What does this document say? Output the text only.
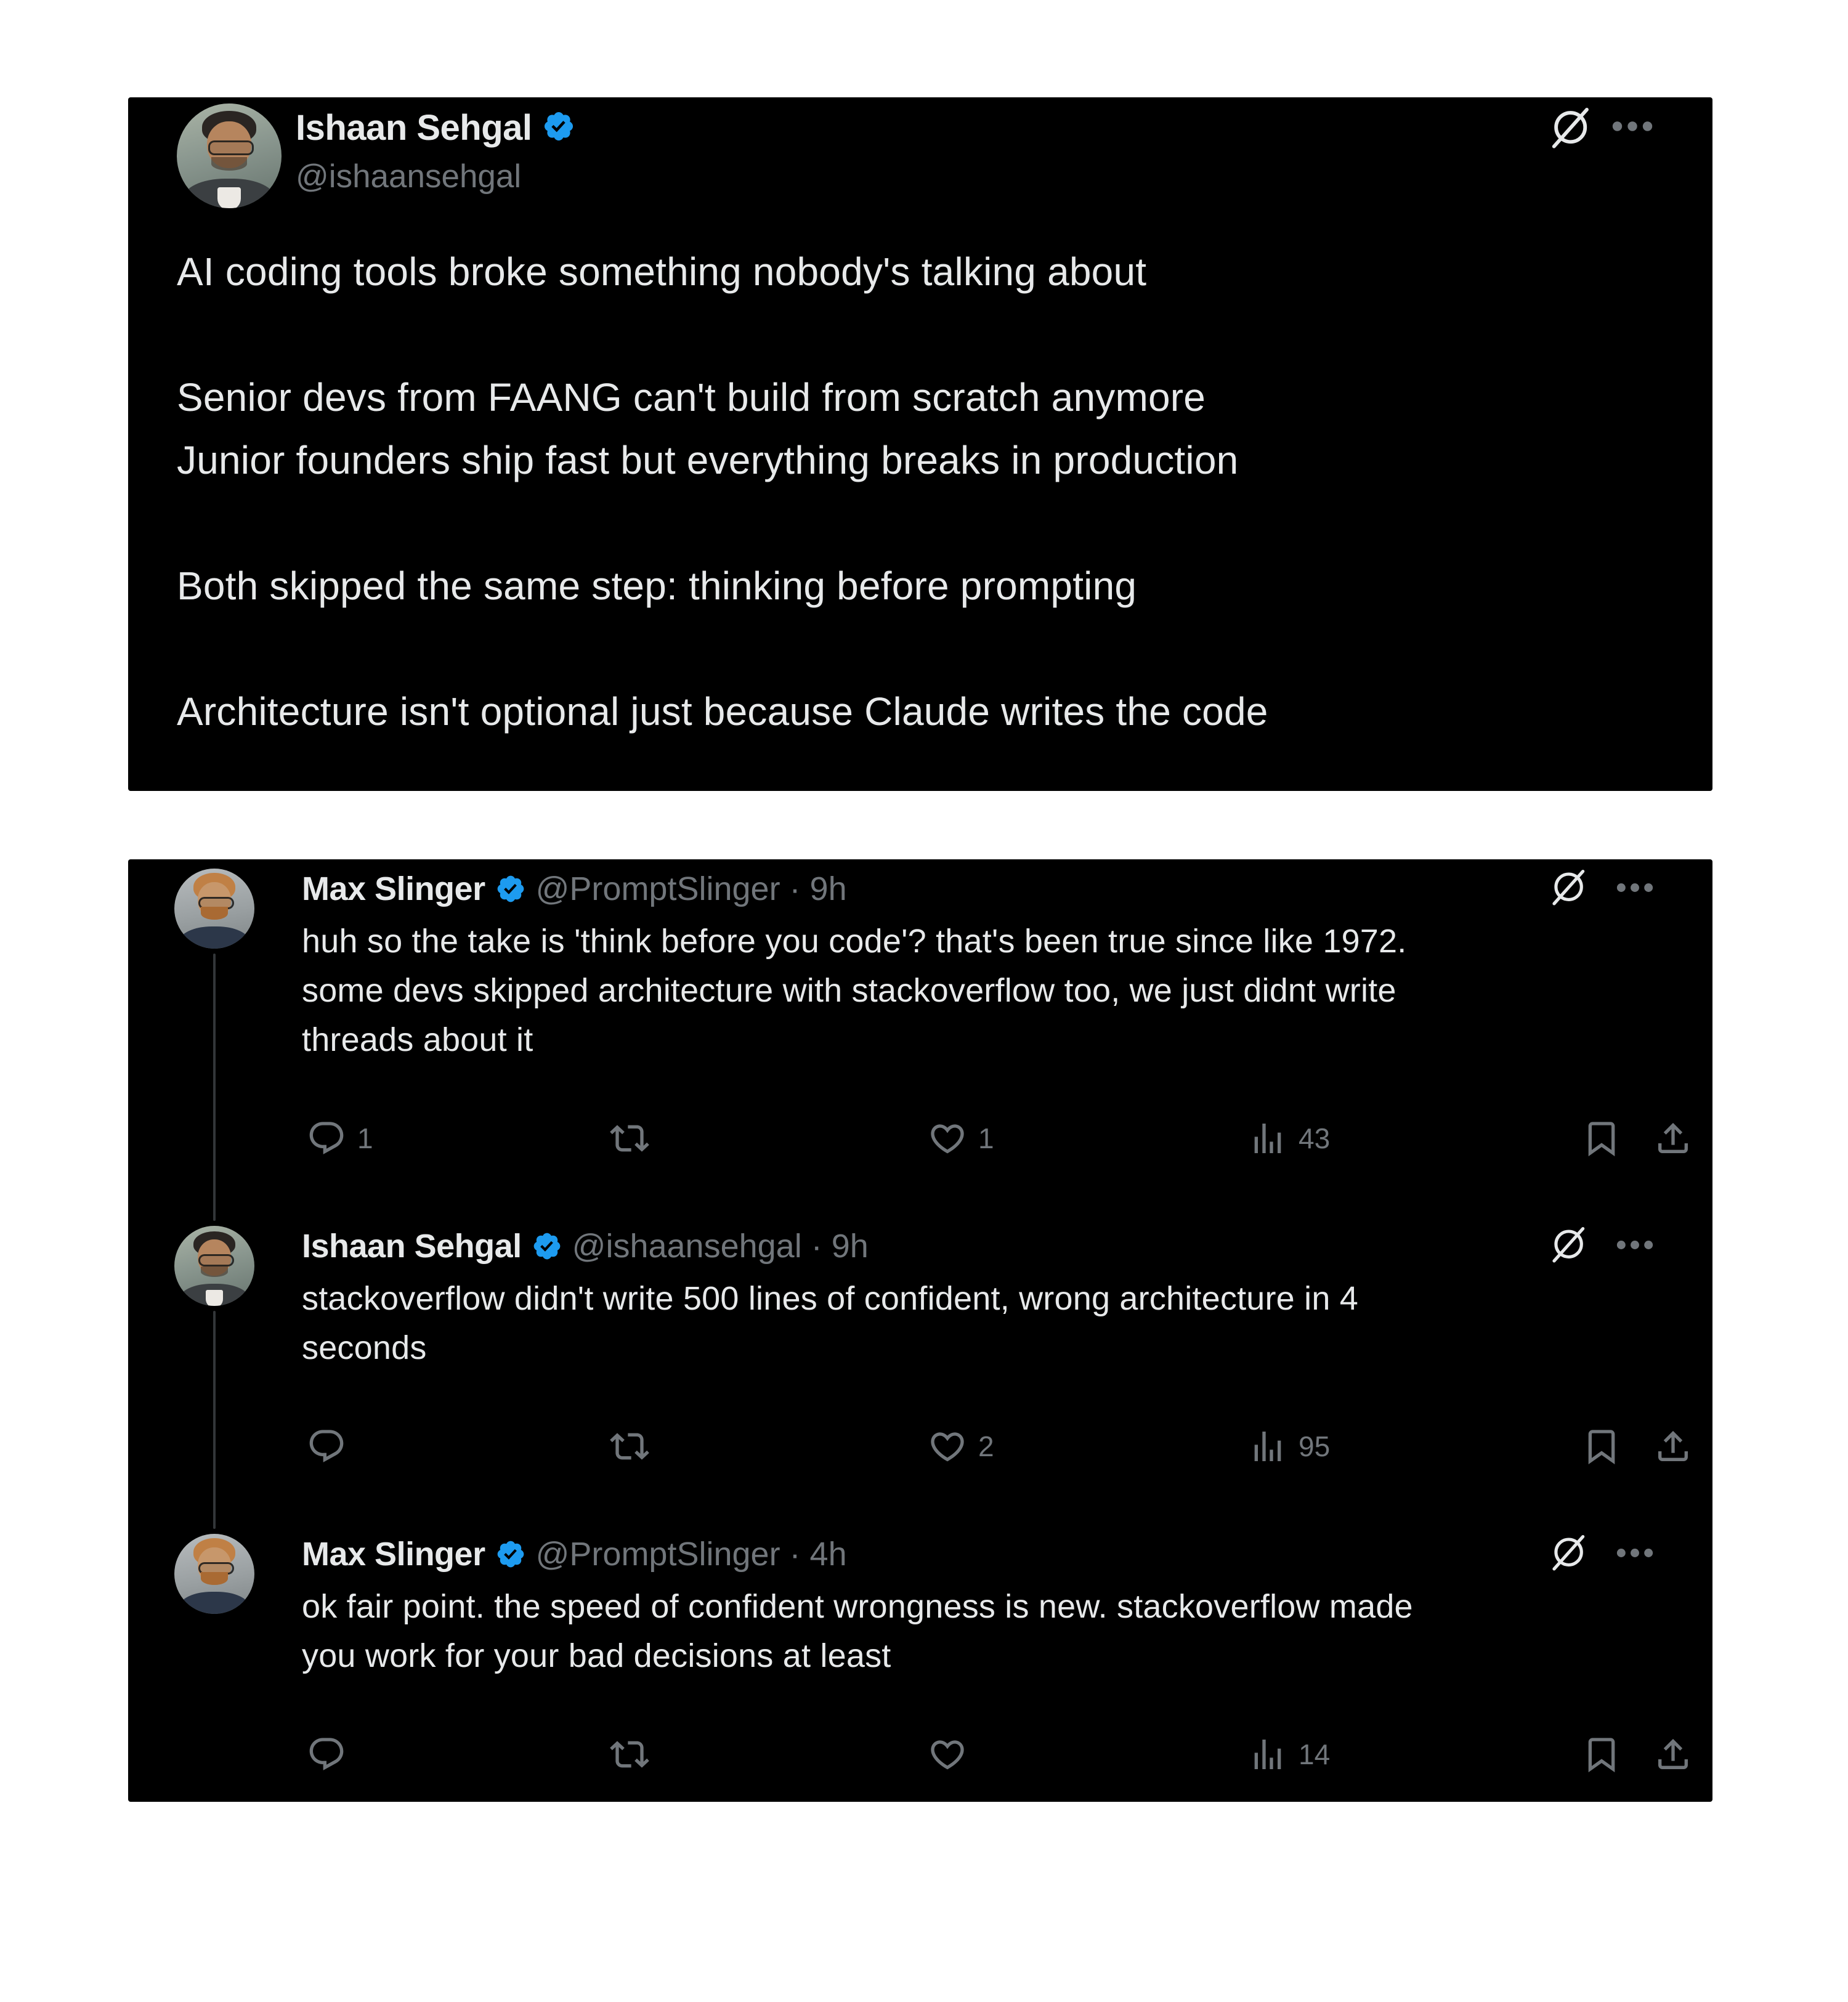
Ishaan Sehgal
@ishaansehgal
AI coding tools broke something nobody's talking about
Senior devs from FAANG can't build from scratch anymore
Junior founders ship fast but everything breaks in production
Both skipped the same step: thinking before prompting
Architecture isn't optional just because Claude writes the code
Max Slinger @PromptSlinger · 9h
huh so the take is 'think before you code'? that's been true since like 1972.
some devs skipped architecture with stackoverflow too, we just didnt write
threads about it
1	1	43
Ishaan Sehgal @ishaansehgal · 9h
stackoverflow didn't write 500 lines of confident, wrong architecture in 4
seconds
2	95
Max Slinger @PromptSlinger · 4h
ok fair point. the speed of confident wrongness is new. stackoverflow made
you work for your bad decisions at least
14
